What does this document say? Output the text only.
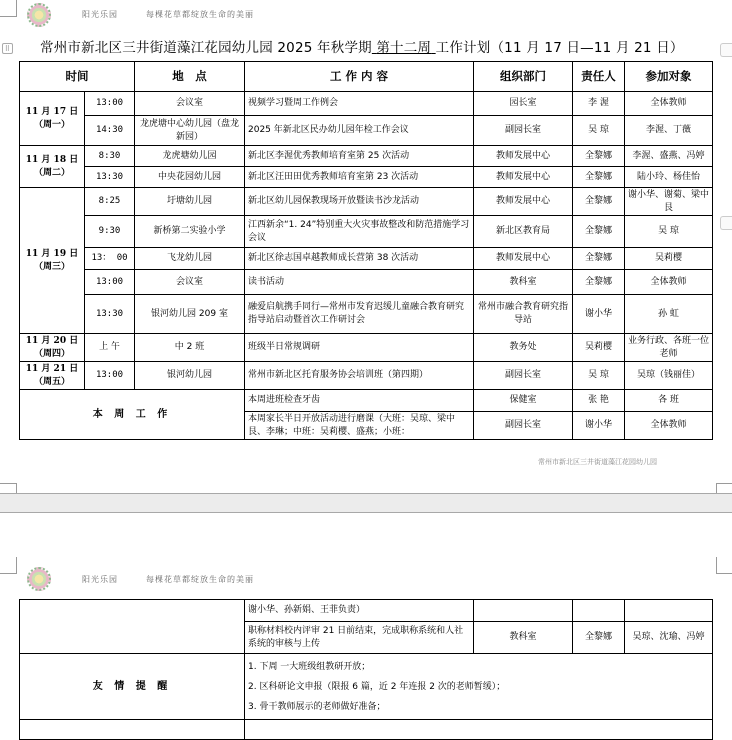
阳光乐园	每棵花草都绽放生命的美丽
⠿ 常州市新北区三井街道藻江花园幼儿园 2025 年秋学期 第十二周 工作计划（11 月 17 日—11 月 21 日）
时间		地　点	工 作 内 容	组织部门	责任人	参加对象
11 月 17 日
（周一）	13:00	会议室	视频学习暨周工作例会	园长室	李 渥	全体教师
	14:30	龙虎塘中心幼儿园（盘龙新园）	2025 年新北区民办幼儿园年检工作会议	副园长室	吴 琼	李渥、丁薇
11 月 18 日
（周二）	8:30	龙虎塘幼儿园	新北区李渥优秀教师培育室第 25 次活动	教师发展中心	全黎娜	李渥、盛燕、冯婷
	13:30	中央花园幼儿园	新北区汪田田优秀教师培育室第 23 次活动	教师发展中心	全黎娜	陆小玲、杨佳怡
11 月 19 日
（周三）	8:25	圩塘幼儿园	新北区幼儿园保教现场开放暨读书沙龙活动	教师发展中心	全黎娜	谢小华、谢菊、梁中艮
	9:30	新桥第二实验小学	江西新余“1. 24”特别重大火灾事故整改和防范措施学习会议	新北区教育局	全黎娜	吴 琼
	13： 00	飞龙幼儿园	新北区徐志国卓越教师成长营第 38 次活动	教师发展中心	全黎娜	吴莉樱
	13:00	会议室	读书活动	教科室	全黎娜	全体教师
	13:30	银河幼儿园 209 室	融爱启航携手同行—常州市发育迟缓儿童融合教育研究指导站启动暨首次工作研讨会	常州市融合教育研究指导站	谢小华	孙 虹
11 月 20 日
（周四）	上 午	中 2 班	班级半日常规调研	教务处	吴莉樱	业务行政、各班一位老师
11 月 21 日
（周五）	13:00	银河幼儿园	常州市新北区托育服务协会培训班（第四期）	副园长室	吴 琼	吴琼（钱丽佳）
本 周 工 作			本周进班检查牙齿	保健室	张 艳	各 班

			本周家长半日开放活动进行磨课（大班：吴琼、梁中艮、李琳；中班：吴莉樱、盛燕；小班：	副园长室	谢小华	全体教师
常州市新北区三井街道藻江花园幼儿园
阳光乐园	每棵花草都绽放生命的美丽
	谢小华、孙新娟、王菲负责）			
	职称材料校内评审 21 日前结束，完成职称系统和人社系统的审核与上传	教科室	全黎娜	吴琼、沈瑜、冯婷
友 情 提 醒	1. 下周 一大班级组教研开放；
2. 区科研论文申报（限报 6 篇，近 2 年连报 2 次的老师暂缓）；
3. 骨干教师展示的老师做好准备；			
